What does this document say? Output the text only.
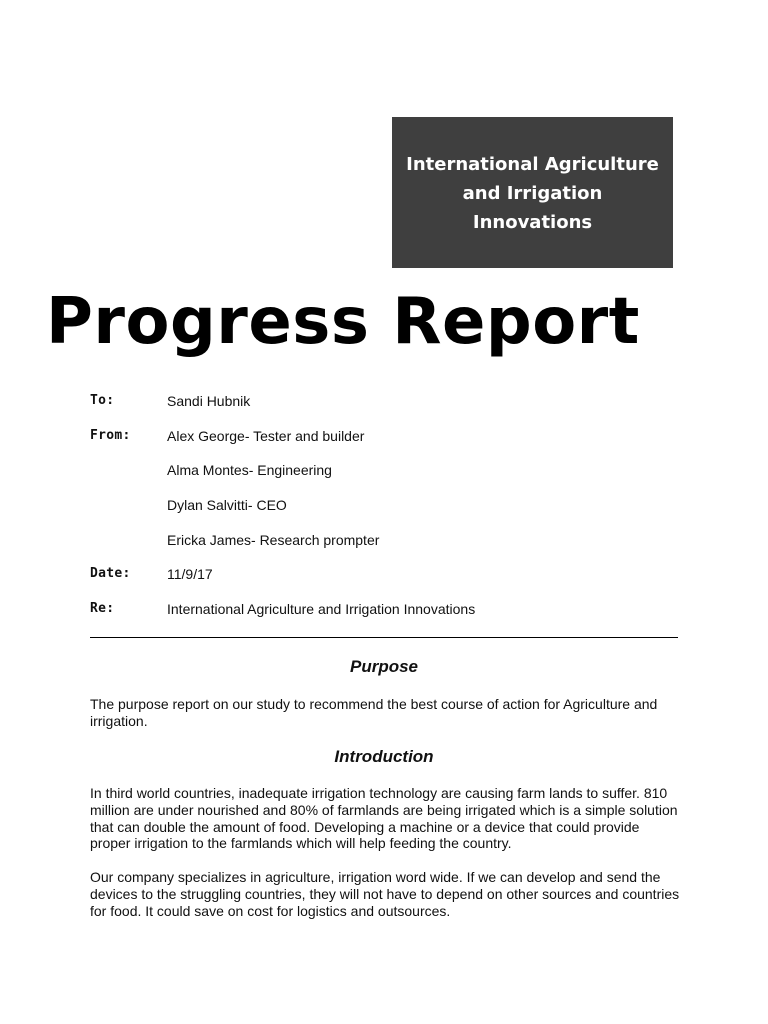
International Agriculture and Irrigation Innovations
Progress Report
To:	Sandi Hubnik
From:	Alex George- Tester and builder
Alma Montes- Engineering
Dylan Salvitti- CEO
Ericka James- Research prompter
Date:	11/9/17
Re:	International Agriculture and Irrigation Innovations
Purpose

The purpose report on our study to recommend the best course of action for Agriculture and irrigation.

Introduction

In third world countries, inadequate irrigation technology are causing farm lands to suffer. 810 million are under nourished and 80% of farmlands are being irrigated which is a simple solution that can double the amount of food. Developing a machine or a device that could provide proper irrigation to the farmlands which will help feeding the country.

Our company specializes in agriculture, irrigation word wide. If we can develop and send the devices to the struggling countries, they will not have to depend on other sources and countries for food. It could save on cost for logistics and outsources.
